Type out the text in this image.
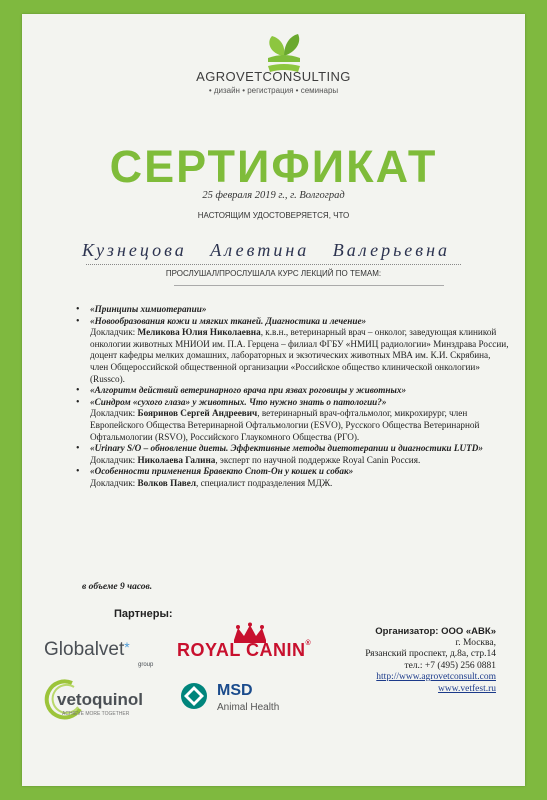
AGROVETCONSULTING
• дизайн • регистрация • семинары
СЕРТИФИКАТ
25 февраля 2019 г., г. Волгоград
НАСТОЯЩИМ УДОСТОВЕРЯЕТСЯ, ЧТО
Кузнецова Алевтина Валерьевна
ПРОСЛУШАЛ/ПРОСЛУШАЛА КУРС ЛЕКЦИЙ ПО ТЕМАМ:
• «Принципы химиотерапии»
• «Новообразования кожи и мягких тканей. Диагностика и лечение»
Докладчик: Меликова Юлия Николаевна, к.в.н., ветеринарный врач – онколог, заведующая клиникой онкологии животных МНИОИ им. П.А. Герцена – филиал ФГБУ «НМИЦ радиологии» Минздрава России, доцент кафедры мелких домашних, лабораторных и экзотических животных МВА им. К.И. Скрябина, член Общероссийской общественной организации «Российское общество клинической онкологии» (Russco).
• «Алгоритм действий ветеринарного врача при язвах роговицы у животных»
• «Синдром «сухого глаза» у животных. Что нужно знать о патологии?»
Докладчик: Бояринов Сергей Андреевич, ветеринарный врач-офтальмолог, микрохирург, член Европейского Общества Ветеринарной Офтальмологии (ESVO), Русского Общества Ветеринарной Офтальмологии (RSVO), Российского Глаукомного Общества (РГО).
• «Urinary S/O – обновление диеты. Эффективные методы диетотерапии и диагностики LUTD»
Докладчик: Николаева Галина, эксперт по научной поддержке Royal Canin Россия.
• «Особенности применения Бравекто Спот-Он у кошек и собак»
Докладчик: Волков Павел, специалист подразделения МДЖ.
в объеме 9 часов.
Партнеры:
Globalvet*
group
ROYAL CANIN®
vetoquinol
ACHIEVE MORE TOGETHER
MSD
Animal Health
Организатор: ООО «АВК»
г. Москва,
Рязанский проспект, д.8а, стр.14
тел.: +7 (495) 256 0881
http://www.agrovetconsult.com
www.vetfest.ru
